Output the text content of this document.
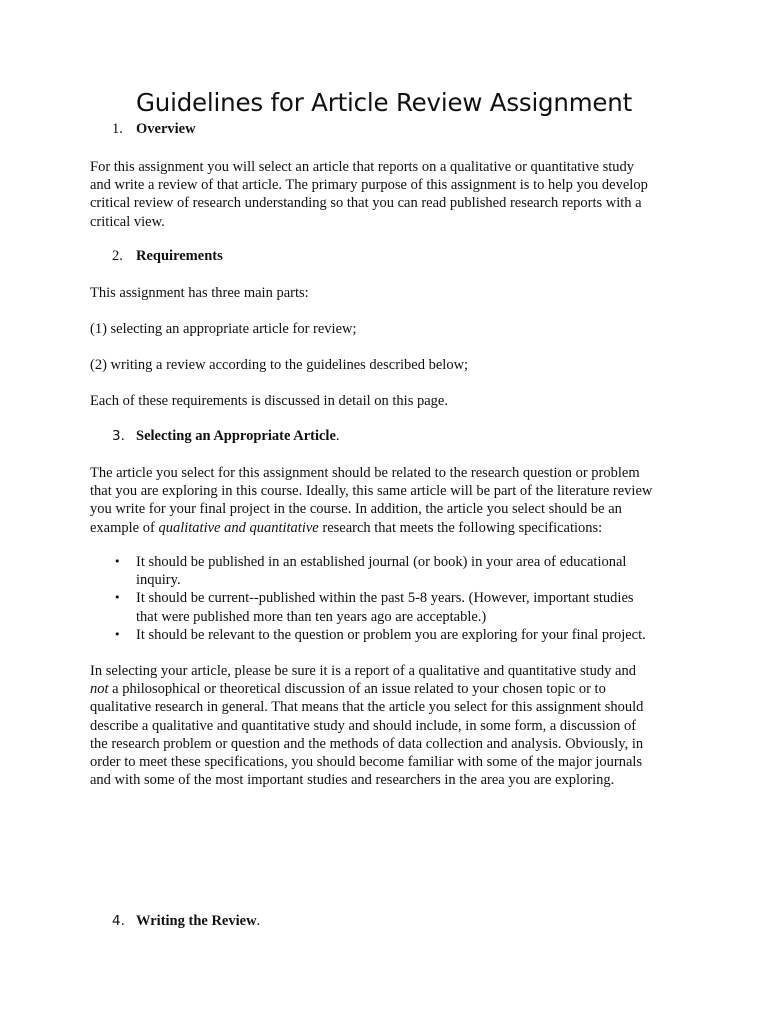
Guidelines for Article Review Assignment
1. Overview

For this assignment you will select an article that reports on a qualitative or quantitative study
and write a review of that article. The primary purpose of this assignment is to help you develop
critical review of research understanding so that you can read published research reports with a
critical view.

2. Requirements

This assignment has three main parts:

(1) selecting an appropriate article for review;

(2) writing a review according to the guidelines described below;

Each of these requirements is discussed in detail on this page.

3. Selecting an Appropriate Article.

The article you select for this assignment should be related to the research question or problem
that you are exploring in this course. Ideally, this same article will be part of the literature review
you write for your final project in the course. In addition, the article you select should be an
example of qualitative and quantitative research that meets the following specifications:

• It should be published in an established journal (or book) in your area of educational
inquiry.
• It should be current--published within the past 5-8 years. (However, important studies
that were published more than ten years ago are acceptable.)
• It should be relevant to the question or problem you are exploring for your final project.

In selecting your article, please be sure it is a report of a qualitative and quantitative study and
not a philosophical or theoretical discussion of an issue related to your chosen topic or to
qualitative research in general. That means that the article you select for this assignment should
describe a qualitative and quantitative study and should include, in some form, a discussion of
the research problem or question and the methods of data collection and analysis. Obviously, in
order to meet these specifications, you should become familiar with some of the major journals
and with some of the most important studies and researchers in the area you are exploring.

4. Writing the Review.
